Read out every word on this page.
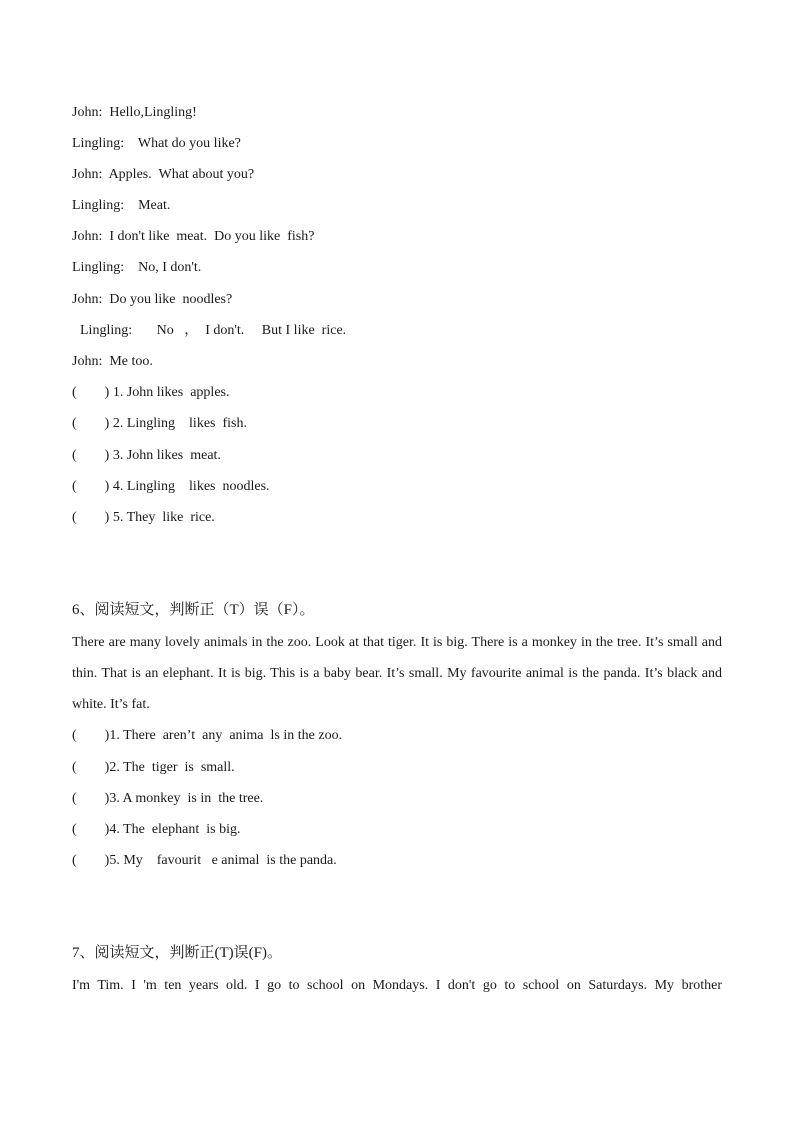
John:  Hello,Lingling!
Lingling:    What do you like?
John:  Apples.  What about you?
Lingling:    Meat.
John:  I don't like  meat.  Do you like  fish?
Lingling:    No, I don't.
John:  Do you like  noodles?
Lingling:       No   ，  I don't.     But I like  rice.
John:  Me too.
(        ) 1. John likes  apples.
(        ) 2. Lingling    likes  fish.
(        ) 3. John likes  meat.
(        ) 4. Lingling    likes  noodles.
(        ) 5. They  like  rice.
6、阅读短文，判断正（T）误（F）。
There are many lovely animals in the zoo. Look at that tiger. It is big. There is a monkey in the tree. It’s small and thin. That is an elephant. It is big. This is a baby bear. It’s small. My favourite animal is the panda. It’s black and white. It’s fat.
(        )1. There  aren’t  any  anima  ls in the zoo.
(        )2. The  tiger  is  small.
(        )3. A monkey  is in  the tree.
(        )4. The  elephant  is big.
(        )5. My    favourit   e animal  is the panda.
7、阅读短文，判断正(T)误(F)。
I'm Tim. I 'm ten years old. I go to school on Mondays. I don't go to school on Saturdays. My brother
